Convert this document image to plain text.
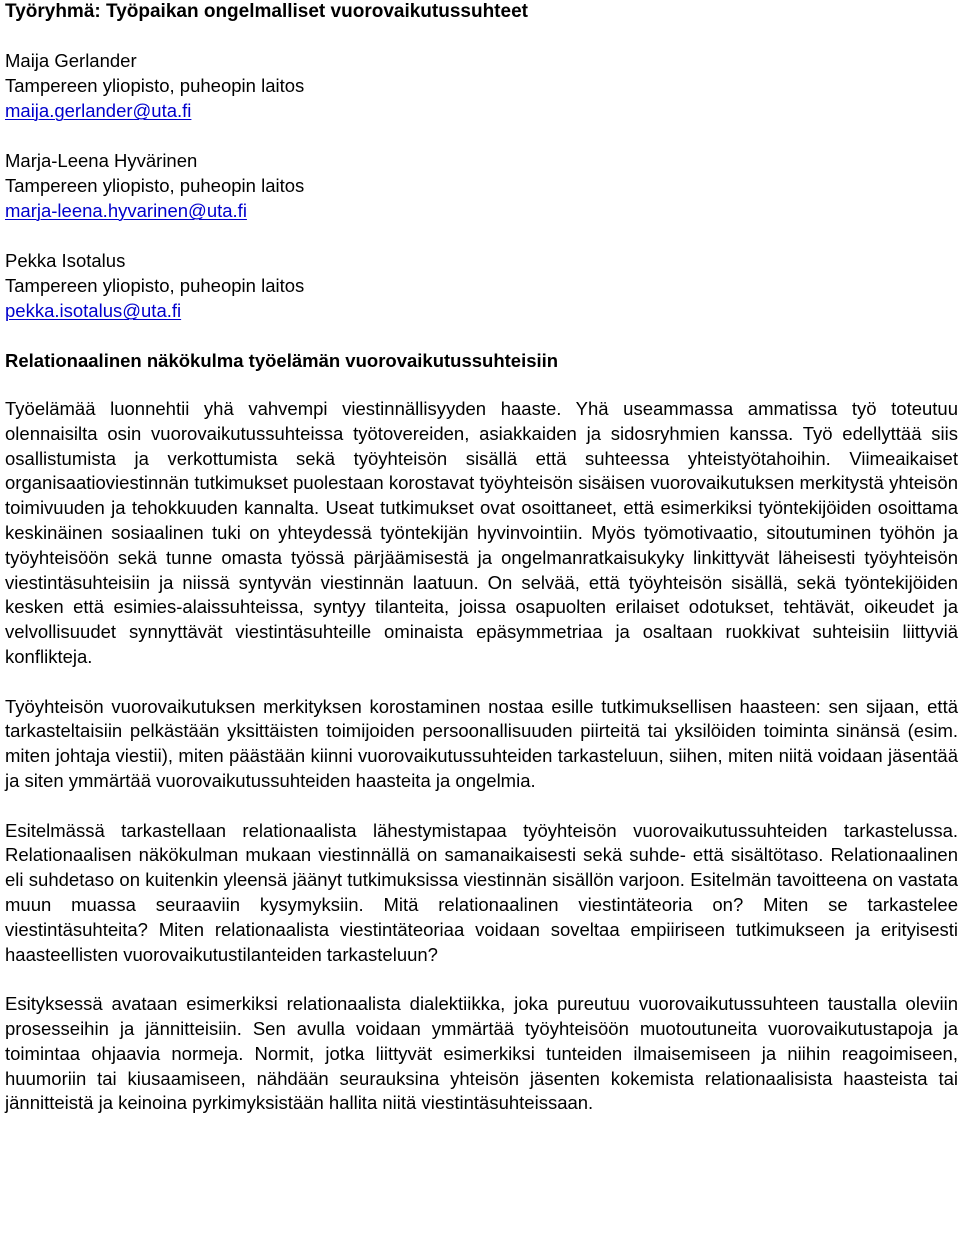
Työryhmä: Työpaikan ongelmalliset vuorovaikutussuhteet
Maija Gerlander
Tampereen yliopisto, puheopin laitos
maija.gerlander@uta.fi
Marja-Leena Hyvärinen
Tampereen yliopisto, puheopin laitos
marja-leena.hyvarinen@uta.fi
Pekka Isotalus
Tampereen yliopisto, puheopin laitos
pekka.isotalus@uta.fi
Relationaalinen näkökulma työelämän vuorovaikutussuhteisiin

Työelämää luonnehtii yhä vahvempi viestinnällisyyden haaste. Yhä useammassa ammatissa työ toteutuu olennaisilta osin vuorovaikutussuhteissa työtovereiden, asiakkaiden ja sidosryhmien kanssa. Työ edellyttää siis osallistumista ja verkottumista sekä työyhteisön sisällä että suhteessa yhteistyötahoihin. Viimeaikaiset organisaatioviestinnän tutkimukset puolestaan korostavat työyhteisön sisäisen vuorovaikutuksen merkitystä yhteisön toimivuuden ja tehokkuuden kannalta. Useat tutkimukset ovat osoittaneet, että esimerkiksi työntekijöiden osoittama keskinäinen sosiaalinen tuki on yhteydessä työntekijän hyvinvointiin. Myös työmotivaatio, sitoutuminen työhön ja työyhteisöön sekä tunne omasta työssä pärjäämisestä ja ongelmanratkaisukyky linkittyvät läheisesti työyhteisön viestintäsuhteisiin ja niissä syntyvän viestinnän laatuun. On selvää, että työyhteisön sisällä, sekä työntekijöiden kesken että esimies-alaissuhteissa, syntyy tilanteita, joissa osapuolten erilaiset odotukset, tehtävät, oikeudet ja velvollisuudet synnyttävät viestintäsuhteille ominaista epäsymmetriaa ja osaltaan ruokkivat suhteisiin liittyviä konflikteja.

Työyhteisön vuorovaikutuksen merkityksen korostaminen nostaa esille tutkimuksellisen haasteen: sen sijaan, että tarkasteltaisiin pelkästään yksittäisten toimijoiden persoonallisuuden piirteitä tai yksilöiden toiminta sinänsä (esim. miten johtaja viestii), miten päästään kiinni vuorovaikutussuhteiden tarkasteluun, siihen, miten niitä voidaan jäsentää ja siten ymmärtää vuorovaikutussuhteiden haasteita ja ongelmia.

Esitelmässä tarkastellaan relationaalista lähestymistapaa työyhteisön vuorovaikutussuhteiden tarkastelussa. Relationaalisen näkökulman mukaan viestinnällä on samanaikaisesti sekä suhde- että sisältötaso. Relationaalinen eli suhdetaso on kuitenkin yleensä jäänyt tutkimuksissa viestinnän sisällön varjoon. Esitelmän tavoitteena on vastata muun muassa seuraaviin kysymyksiin. Mitä relationaalinen viestintäteoria on? Miten se tarkastelee viestintäsuhteita? Miten relationaalista viestintäteoriaa voidaan soveltaa empiiriseen tutkimukseen ja erityisesti haasteellisten vuorovaikutustilanteiden tarkasteluun?

Esityksessä avataan esimerkiksi relationaalista dialektiikka, joka pureutuu vuorovaikutussuhteen taustalla oleviin prosesseihin ja jännitteisiin. Sen avulla voidaan ymmärtää työyhteisöön muotoutuneita vuorovaikutustapoja ja toimintaa ohjaavia normeja. Normit, jotka liittyvät esimerkiksi tunteiden ilmaisemiseen ja niihin reagoimiseen, huumoriin tai kiusaamiseen, nähdään seurauksina yhteisön jäsenten kokemista relationaalisista haasteista tai jännitteistä ja keinoina pyrkimyksistään hallita niitä viestintäsuhteissaan.
